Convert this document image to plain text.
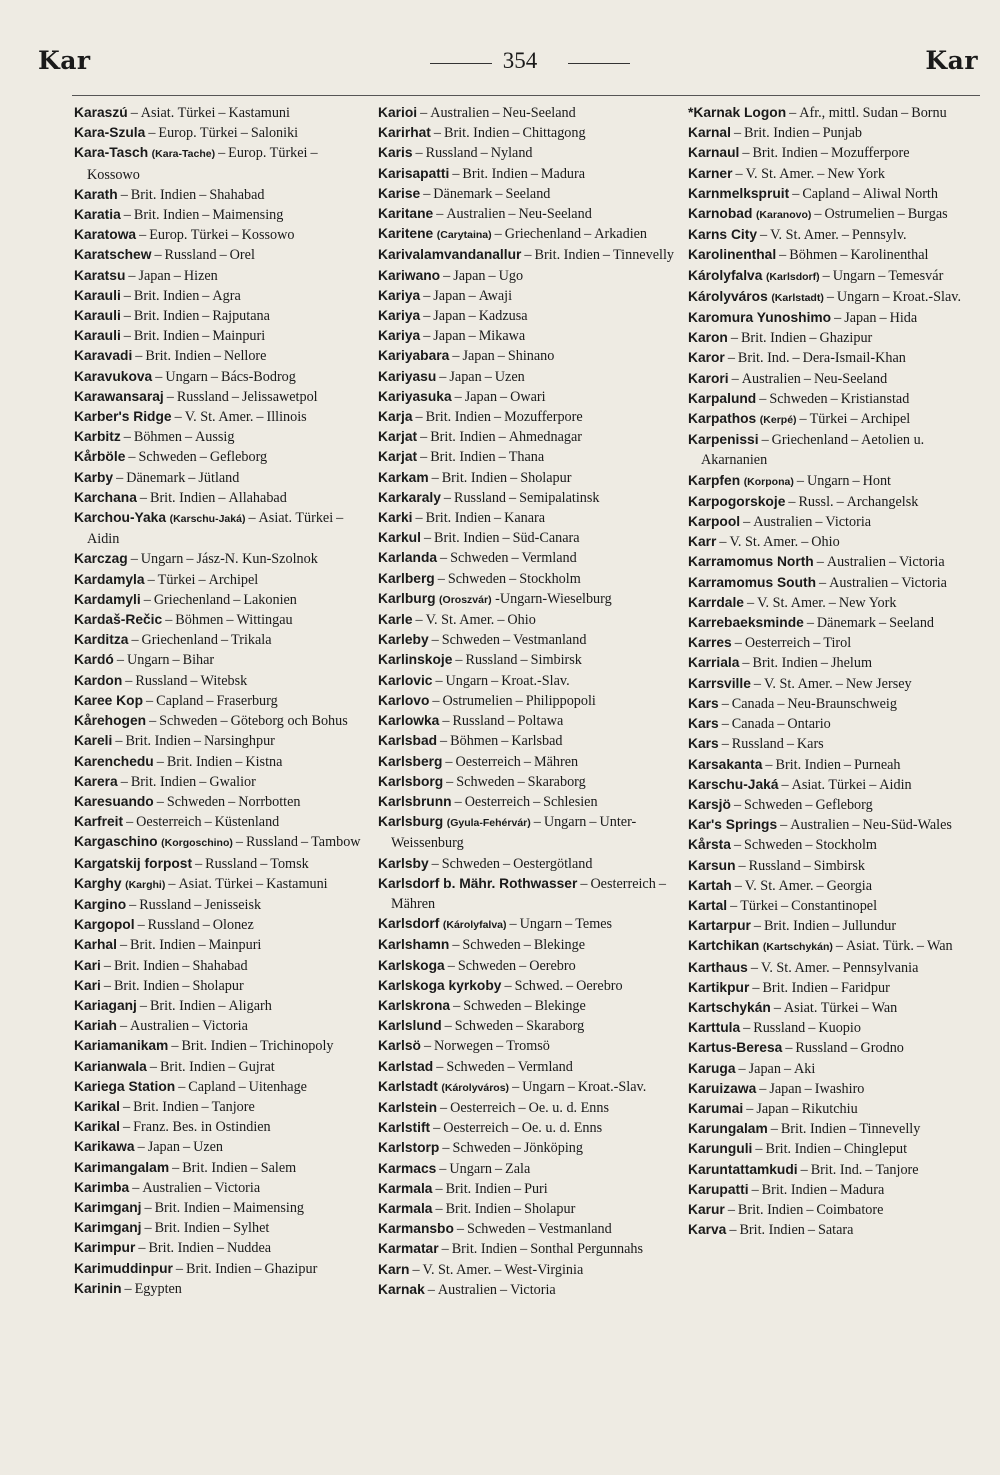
Kar	354	Kar

Karaszú – Asiat. Türkei – Kastamuni

Kara-Szula – Europ. Türkei – Saloniki

Kara-Tasch (Kara-Tache) – Europ. Türkei –Kossowo

Karath – Brit. Indien – Shahabad

Karatia – Brit. Indien – Maimensing

Karatowa – Europ. Türkei – Kossowo

Karatschew – Russland – Orel

Karatsu – Japan – Hizen

Karauli – Brit. Indien – Agra

Karauli – Brit. Indien – Rajputana

Karauli – Brit. Indien – Mainpuri

Karavadi – Brit. Indien – Nellore

Karavukova – Ungarn – Bács-Bodrog

Karawansaraj – Russland – Jelissawetpol

Karber's Ridge – V. St. Amer. – Illinois

Karbitz – Böhmen – Aussig

Kårböle – Schweden – Gefleborg

Karby – Dänemark – Jütland

Karchana – Brit. Indien – Allahabad

Karchou-Yaka (Karschu-Jaká) – Asiat. Türkei –Aidin

Karczag – Ungarn – Jász-N. Kun-Szolnok

Kardamyla – Türkei – Archipel

Kardamyli – Griechenland – Lakonien

Kardaš-Rečic – Böhmen – Wittingau

Karditza – Griechenland – Trikala

Kardó – Ungarn – Bihar

Kardon – Russland – Witebsk

Karee Kop – Capland – Fraserburg

Kårehogen – Schweden – Göteborg och Bohus

Kareli – Brit. Indien – Narsinghpur

Karenchedu – Brit. Indien – Kistna

Karera – Brit. Indien – Gwalior

Karesuando – Schweden – Norrbotten

Karfreit – Oesterreich – Küstenland

Kargaschino (Korgoschino) – Russland – Tambow

Kargatskij forpost – Russland – Tomsk

Karghy (Karghi) – Asiat. Türkei – Kastamuni

Kargino – Russland – Jenisseisk

Kargopol – Russland – Olonez

Karhal – Brit. Indien – Mainpuri

Kari – Brit. Indien – Shahabad

Kari – Brit. Indien – Sholapur

Kariaganj – Brit. Indien – Aligarh

Kariah – Australien – Victoria

Kariamanikam – Brit. Indien – Trichinopoly

Karianwala – Brit. Indien – Gujrat

Kariega Station – Capland – Uitenhage

Karikal – Brit. Indien – Tanjore

Karikal – Franz. Bes. in Ostindien

Karikawa – Japan – Uzen

Karimangalam – Brit. Indien – Salem

Karimba – Australien – Victoria

Karimganj – Brit. Indien – Maimensing

Karimganj – Brit. Indien – Sylhet

Karimpur – Brit. Indien – Nuddea

Karimuddinpur – Brit. Indien – Ghazipur

Karinin – Egypten

Karioi – Australien – Neu-Seeland

Karirhat – Brit. Indien – Chittagong

Karis – Russland – Nyland

Karisapatti – Brit. Indien – Madura

Karise – Dänemark – Seeland

Karitane – Australien – Neu-Seeland

Karitene (Carytaina) – Griechenland – Arkadien

Karivalamvandanallur – Brit. Indien – Tinnevelly

Kariwano – Japan – Ugo

Kariya – Japan – Awaji

Kariya – Japan – Kadzusa

Kariya – Japan – Mikawa

Kariyabara – Japan – Shinano

Kariyasu – Japan – Uzen

Kariyasuka – Japan – Owari

Karja – Brit. Indien – Mozufferpore

Karjat – Brit. Indien – Ahmednagar

Karjat – Brit. Indien – Thana

Karkam – Brit. Indien – Sholapur

Karkaraly – Russland – Semipalatinsk

Karki – Brit. Indien – Kanara

Karkul – Brit. Indien – Süd-Canara

Karlanda – Schweden – Vermland

Karlberg – Schweden – Stockholm

Karlburg (Oroszvár) -Ungarn-Wieselburg

Karle – V. St. Amer. – Ohio

Karleby – Schweden – Vestmanland

Karlinskoje – Russland – Simbirsk

Karlovic – Ungarn – Kroat.-Slav.

Karlovo – Ostrumelien – Philippopoli

Karlowka – Russland – Poltawa

Karlsbad – Böhmen – Karlsbad

Karlsberg – Oesterreich – Mähren

Karlsborg – Schweden – Skaraborg

Karlsbrunn – Oesterreich – Schlesien

Karlsburg (Gyula-Fehérvár) – Ungarn – Unter-Weissenburg

Karlsby – Schweden – Oestergötland

Karlsdorf b. Mähr. Rothwasser – Oesterreich –Mähren

Karlsdorf (Károlyfalva) – Ungarn – Temes

Karlshamn – Schweden – Blekinge

Karlskoga – Schweden – Oerebro

Karlskoga kyrkoby – Schwed. – Oerebro

Karlskrona – Schweden – Blekinge

Karlslund – Schweden – Skaraborg

Karlsö – Norwegen – Tromsö

Karlstad – Schweden – Vermland

Karlstadt (Károlyváros) – Ungarn – Kroat.-Slav.

Karlstein – Oesterreich – Oe. u. d. Enns

Karlstift – Oesterreich – Oe. u. d. Enns

Karlstorp – Schweden – Jönköping

Karmacs – Ungarn – Zala

Karmala – Brit. Indien – Puri

Karmala – Brit. Indien – Sholapur

Karmansbo – Schweden – Vestmanland

Karmatar – Brit. Indien – Sonthal Pergunnahs

Karn – V. St. Amer. – West-Virginia

Karnak – Australien – Victoria

*Karnak Logon – Afr., mittl. Sudan – Bornu

Karnal – Brit. Indien – Punjab

Karnaul – Brit. Indien – Mozufferpore

Karner – V. St. Amer. – New York

Karnmelkspruit – Capland – Aliwal North

Karnobad (Karanovo) – Ostrumelien – Burgas

Karns City – V. St. Amer. – Pennsylv.

Karolinenthal – Böhmen – Karolinenthal

Károlyfalva (Karlsdorf) – Ungarn – Temesvár

Károlyváros (Karlstadt) – Ungarn – Kroat.-Slav.

Karomura Yunoshimo – Japan – Hida

Karon – Brit. Indien – Ghazipur

Karor – Brit. Ind. – Dera-Ismail-Khan

Karori – Australien – Neu-Seeland

Karpalund – Schweden – Kristianstad

Karpathos (Kerpé) – Türkei – Archipel

Karpenissi – Griechenland – Aetolien u. Akarnanien

Karpfen (Korpona) – Ungarn – Hont

Karpogorskoje – Russl. – Archangelsk

Karpool – Australien – Victoria

Karr – V. St. Amer. – Ohio

Karramomus North – Australien – Victoria

Karramomus South – Australien – Victoria

Karrdale – V. St. Amer. – New York

Karrebaeksminde – Dänemark – Seeland

Karres – Oesterreich – Tirol

Karriala – Brit. Indien – Jhelum

Karrsville – V. St. Amer. – New Jersey

Kars – Canada – Neu-Braunschweig

Kars – Canada – Ontario

Kars – Russland – Kars

Karsakanta – Brit. Indien – Purneah

Karschu-Jaká – Asiat. Türkei – Aidin

Karsjö – Schweden – Gefleborg

Kar's Springs – Australien – Neu-Süd-Wales

Kårsta – Schweden – Stockholm

Karsun – Russland – Simbirsk

Kartah – V. St. Amer. – Georgia

Kartal – Türkei – Constantinopel

Kartarpur – Brit. Indien – Jullundur

Kartchikan (Kartschykán) – Asiat. Türk. – Wan

Karthaus – V. St. Amer. – Pennsylvania

Kartikpur – Brit. Indien – Faridpur

Kartschykán – Asiat. Türkei – Wan

Karttula – Russland – Kuopio

Kartus-Beresa – Russland – Grodno

Karuga – Japan – Aki

Karuizawa – Japan – Iwashiro

Karumai – Japan – Rikutchiu

Karungalam – Brit. Indien – Tinnevelly

Karunguli – Brit. Indien – Chingleput

Karuntattamkudi – Brit. Ind. – Tanjore

Karupatti – Brit. Indien – Madura

Karur – Brit. Indien – Coimbatore

Karva – Brit. Indien – Satara
